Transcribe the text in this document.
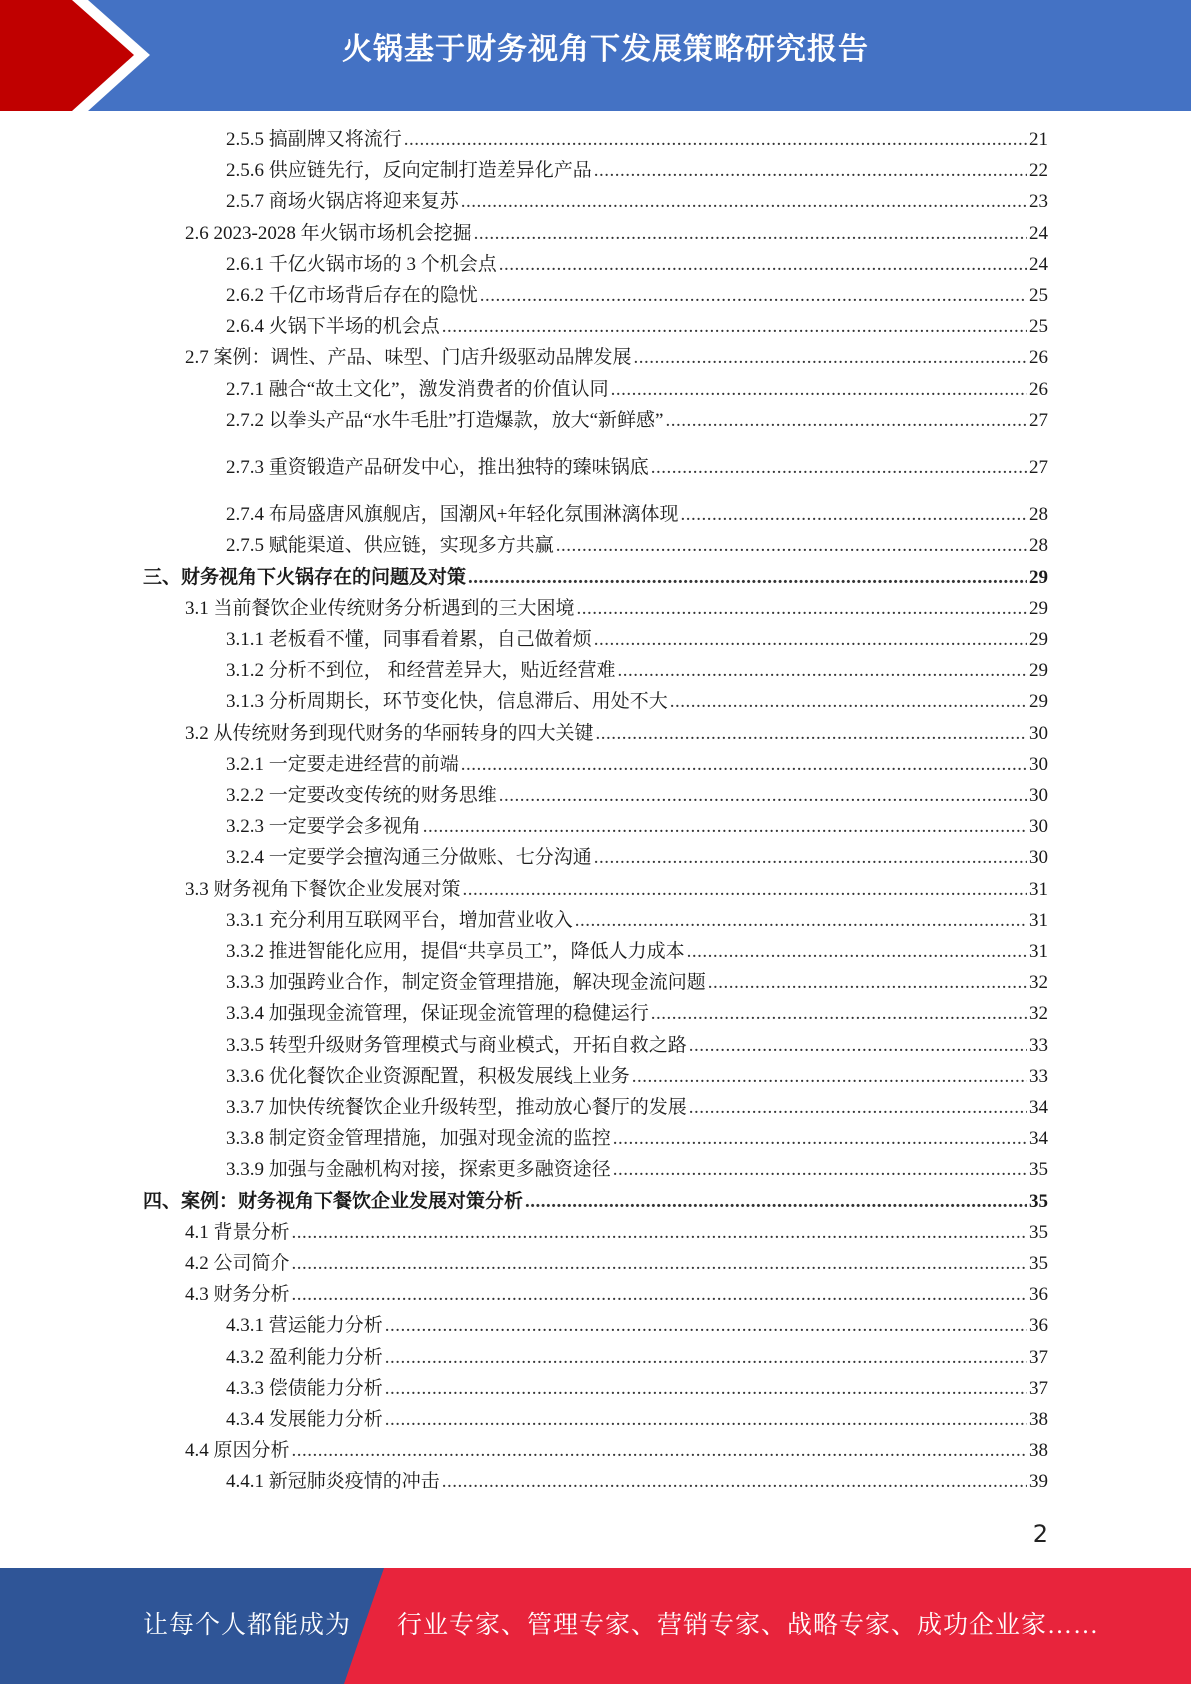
火锅基于财务视角下发展策略研究报告
2.5.5 搞副牌又将流行 .....	21
2.5.6 供应链先行，反向定制打造差异化产品 .....	22
2.5.7 商场火锅店将迎来复苏 .....	23
2.6 2023-2028 年火锅市场机会挖掘 .....	24
2.6.1 千亿火锅市场的 3 个机会点 .....	24
2.6.2 千亿市场背后存在的隐忧 .....	25
2.6.4 火锅下半场的机会点 .....	25
2.7 案例：调性、产品、味型、门店升级驱动品牌发展 .....	26
2.7.1 融合“故土文化”，激发消费者的价值认同 .....	26
2.7.2 以拳头产品“水牛毛肚”打造爆款，放大“新鲜感” .....	27
2.7.3 重资锻造产品研发中心，推出独特的臻味锅底 .....	27
2.7.4 布局盛唐风旗舰店，国潮风+年轻化氛围淋漓体现 .....	28
2.7.5 赋能渠道、供应链，实现多方共赢 .....	28
三、财务视角下火锅存在的问题及对策 .....	29
3.1 当前餐饮企业传统财务分析遇到的三大困境 .....	29
3.1.1 老板看不懂，同事看着累，自己做着烦 .....	29
3.1.2 分析不到位， 和经营差异大，贴近经营难 .....	29
3.1.3 分析周期长，环节变化快，信息滞后、用处不大 .....	29
3.2 从传统财务到现代财务的华丽转身的四大关键 .....	30
3.2.1 一定要走进经营的前端 .....	30
3.2.2 一定要改变传统的财务思维 .....	30
3.2.3 一定要学会多视角 .....	30
3.2.4 一定要学会擅沟通三分做账、七分沟通 .....	30
3.3 财务视角下餐饮企业发展对策 .....	31
3.3.1 充分利用互联网平台，增加营业收入 .....	31
3.3.2 推进智能化应用，提倡“共享员工”，降低人力成本 .....	31
3.3.3 加强跨业合作，制定资金管理措施，解决现金流问题 .....	32
3.3.4 加强现金流管理，保证现金流管理的稳健运行 .....	32
3.3.5 转型升级财务管理模式与商业模式，开拓自救之路 .....	33
3.3.6 优化餐饮企业资源配置，积极发展线上业务 .....	33
3.3.7 加快传统餐饮企业升级转型，推动放心餐厅的发展 .....	34
3.3.8 制定资金管理措施，加强对现金流的监控 .....	34
3.3.9 加强与金融机构对接，探索更多融资途径 .....	35
四、案例：财务视角下餐饮企业发展对策分析 .....	35
4.1 背景分析 .....	35
4.2 公司简介 .....	35
4.3 财务分析 .....	36
4.3.1 营运能力分析 .....	36
4.3.2 盈利能力分析 .....	37
4.3.3 偿债能力分析 .....	37
4.3.4 发展能力分析 .....	38
4.4 原因分析 .....	38
4.4.1 新冠肺炎疫情的冲击 .....	39
2
让每个人都能成为 行业专家、管理专家、营销专家、战略专家、成功企业家……
